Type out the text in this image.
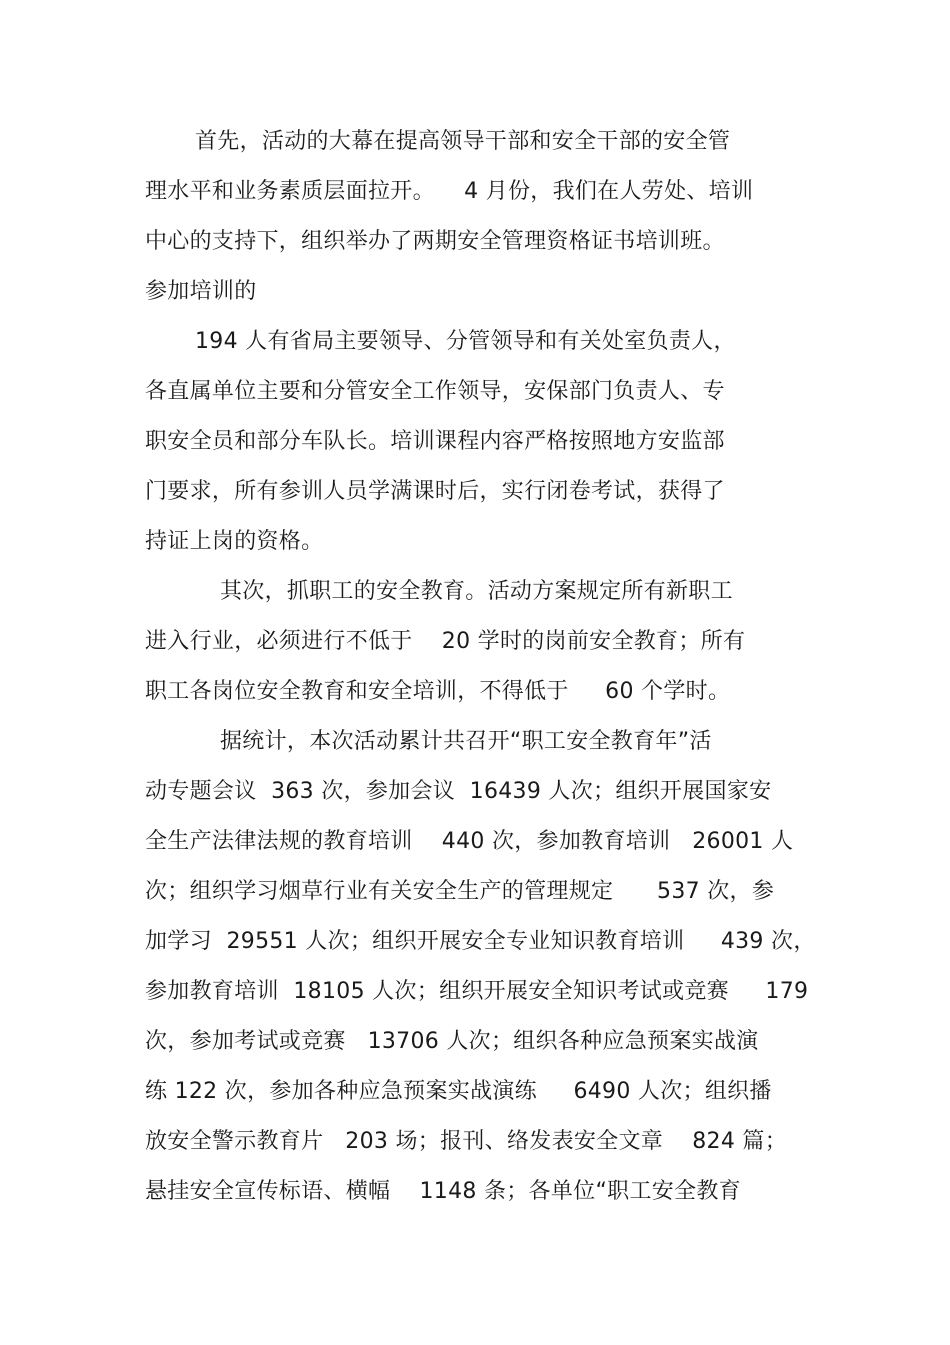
首先，活动的大幕在提高领导干部和安全干部的安全管
理水平和业务素质层面拉开。    4 月份，我们在人劳处、培训
中心的支持下，组织举办了两期安全管理资格证书培训班。
参加培训的
194 人有省局主要领导、分管领导和有关处室负责人，
各直属单位主要和分管安全工作领导，安保部门负责人、专
职安全员和部分车队长。培训课程内容严格按照地方安监部
门要求，所有参训人员学满课时后，实行闭卷考试，获得了
持证上岗的资格。
其次，抓职工的安全教育。活动方案规定所有新职工
进入行业，必须进行不低于    20 学时的岗前安全教育；所有
职工各岗位安全教育和安全培训，不得低于     60 个学时。
据统计，本次活动累计共召开“职工安全教育年”活
动专题会议  363 次，参加会议  16439 人次；组织开展国家安
全生产法律法规的教育培训    440 次，参加教育培训   26001 人
次；组织学习烟草行业有关安全生产的管理规定      537 次，参
加学习  29551 人次；组织开展安全专业知识教育培训     439 次，
参加教育培训  18105 人次；组织开展安全知识考试或竞赛     179
次，参加考试或竞赛   13706 人次；组织各种应急预案实战演
练 122 次，参加各种应急预案实战演练     6490 人次；组织播
放安全警示教育片   203 场；报刊、络发表安全文章    824 篇；
悬挂安全宣传标语、横幅    1148 条；各单位“职工安全教育
